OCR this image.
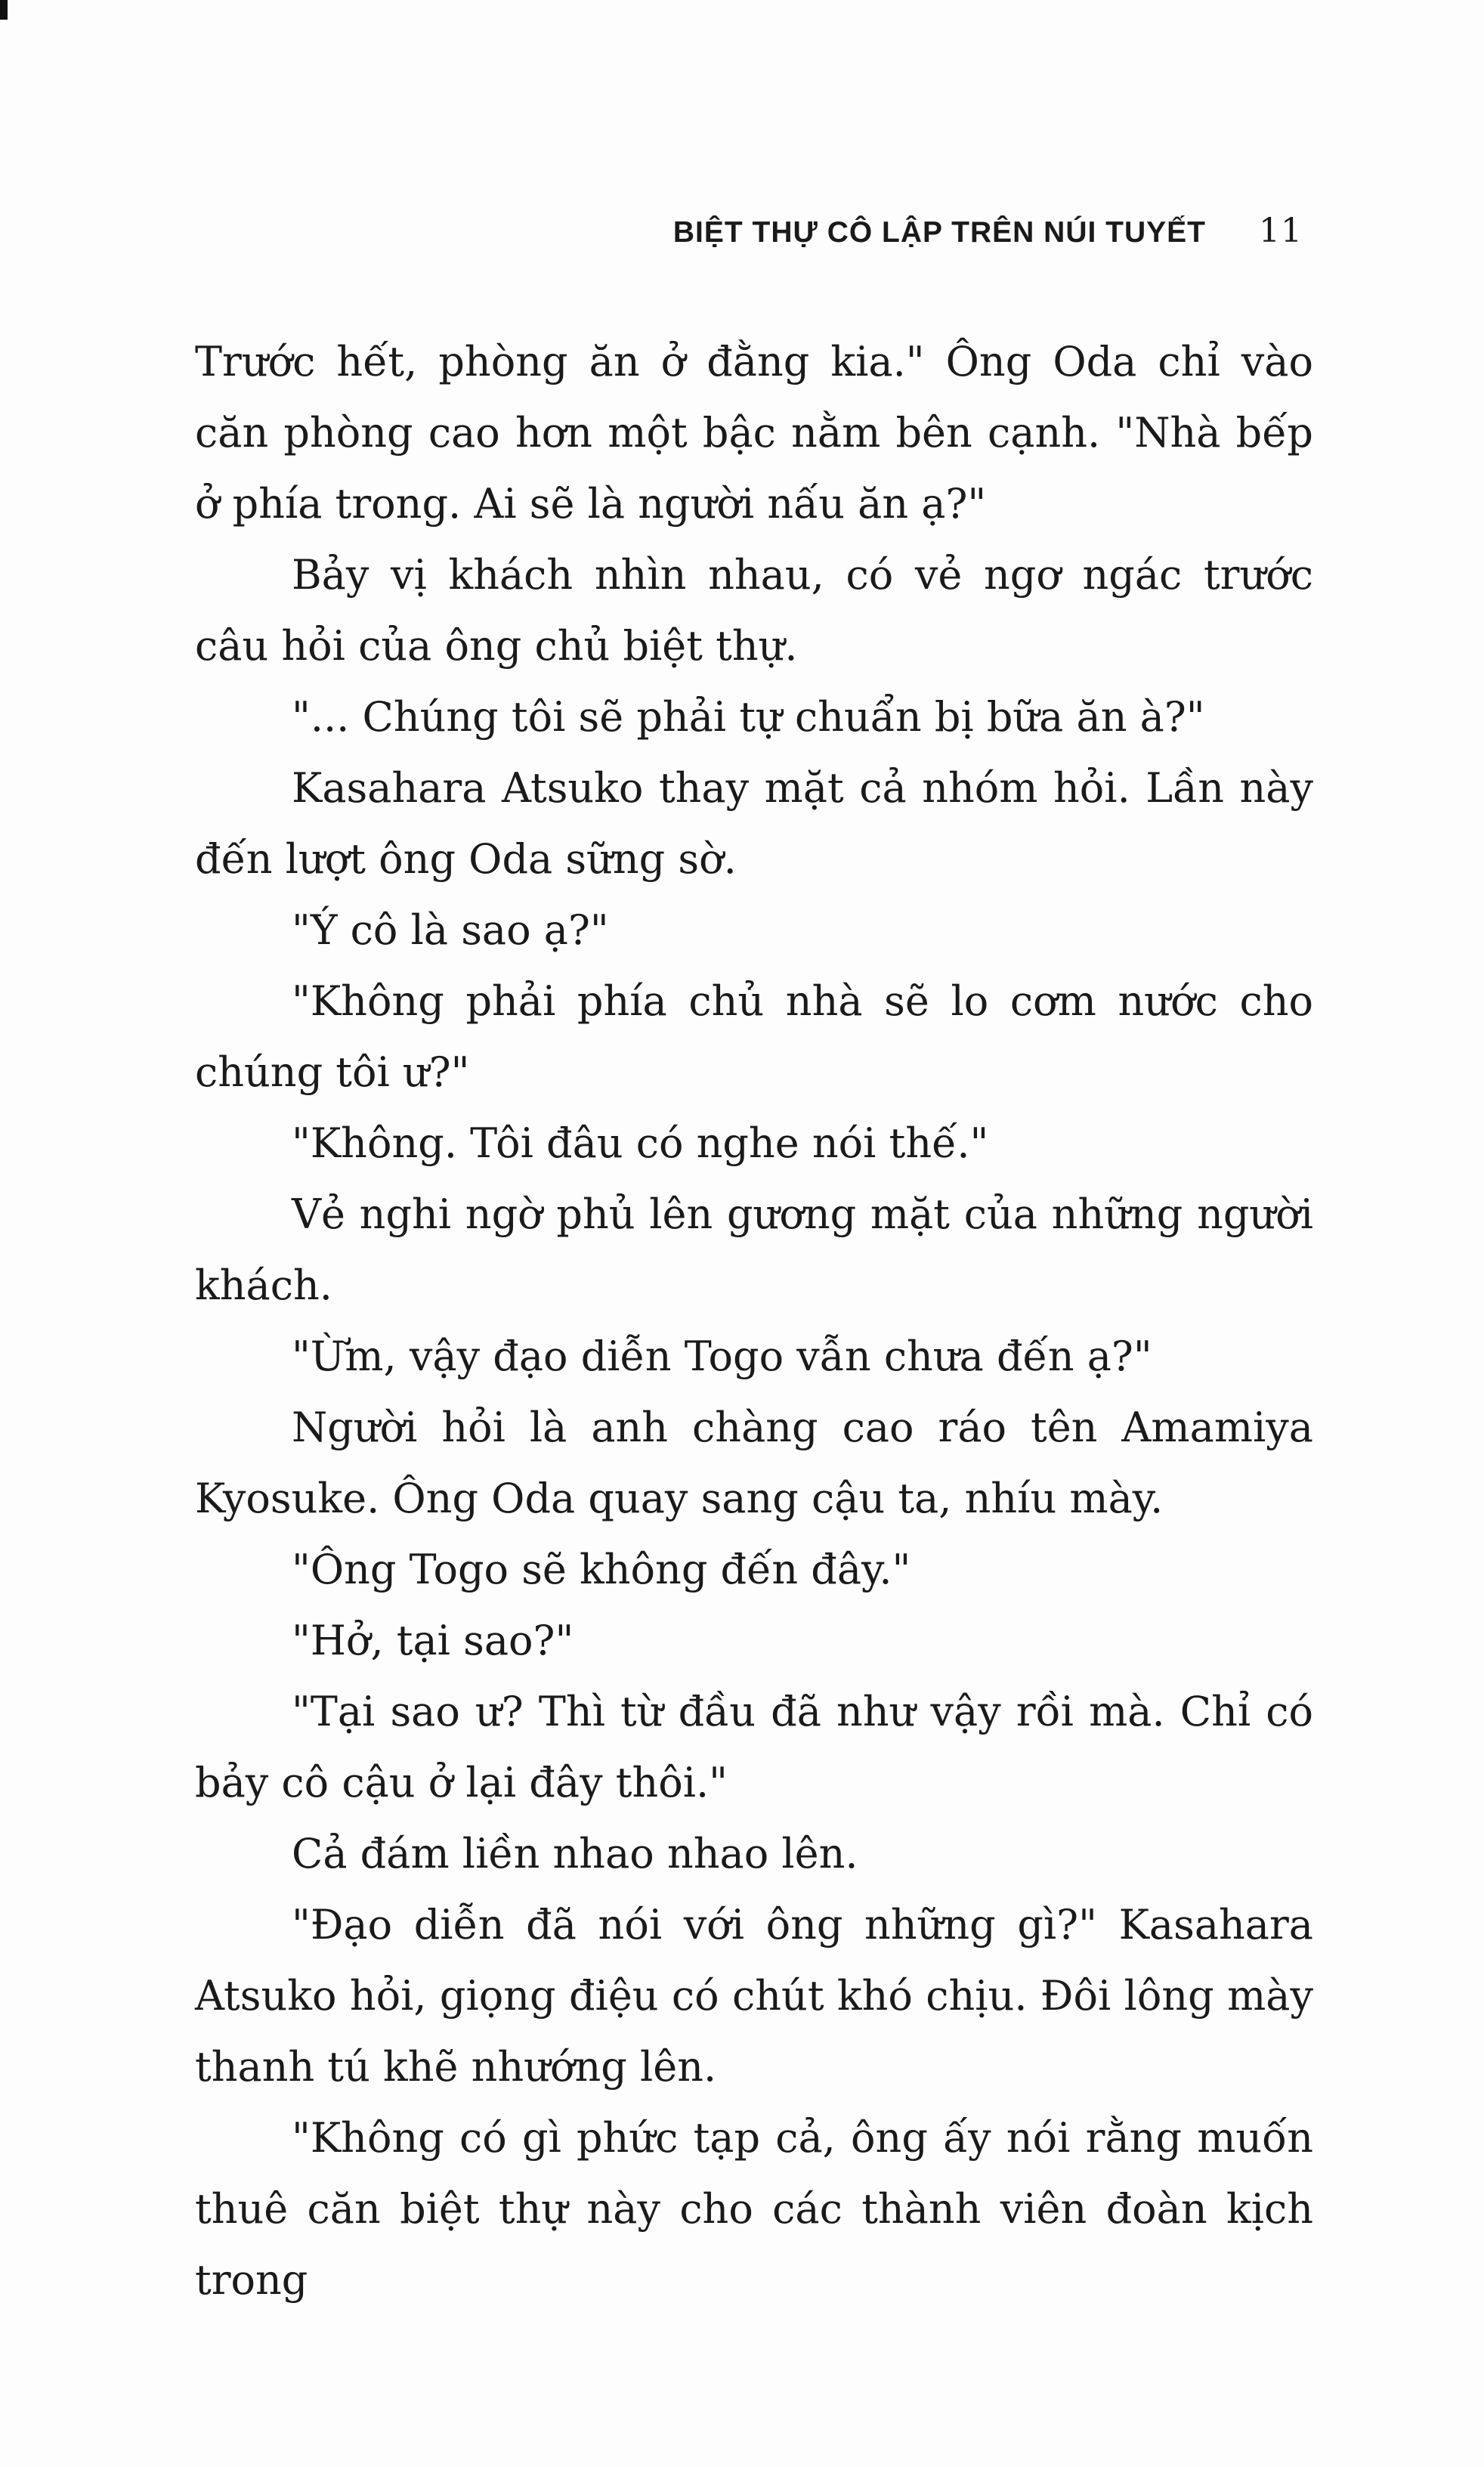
BIỆT THỰ CÔ LẬP TRÊN NÚI TUYẾT 11

Trước hết, phòng ăn ở đằng kia." Ông Oda chỉ vào căn phòng cao hơn một bậc nằm bên cạnh. "Nhà bếp ở phía trong. Ai sẽ là người nấu ăn ạ?"

Bảy vị khách nhìn nhau, có vẻ ngơ ngác trước câu hỏi của ông chủ biệt thự.

"... Chúng tôi sẽ phải tự chuẩn bị bữa ăn à?"

Kasahara Atsuko thay mặt cả nhóm hỏi. Lần này đến lượt ông Oda sững sờ.

"Ý cô là sao ạ?"

"Không phải phía chủ nhà sẽ lo cơm nước cho chúng tôi ư?"

"Không. Tôi đâu có nghe nói thế."

Vẻ nghi ngờ phủ lên gương mặt của những người khách.

"Ừm, vậy đạo diễn Togo vẫn chưa đến ạ?"

Người hỏi là anh chàng cao ráo tên Amamiya Kyosuke. Ông Oda quay sang cậu ta, nhíu mày.

"Ông Togo sẽ không đến đây."

"Hở, tại sao?"

"Tại sao ư? Thì từ đầu đã như vậy rồi mà. Chỉ có bảy cô cậu ở lại đây thôi."

Cả đám liền nhao nhao lên.

"Đạo diễn đã nói với ông những gì?" Kasahara Atsuko hỏi, giọng điệu có chút khó chịu. Đôi lông mày thanh tú khẽ nhướng lên.

"Không có gì phức tạp cả, ông ấy nói rằng muốn thuê căn biệt thự này cho các thành viên đoàn kịch trong
